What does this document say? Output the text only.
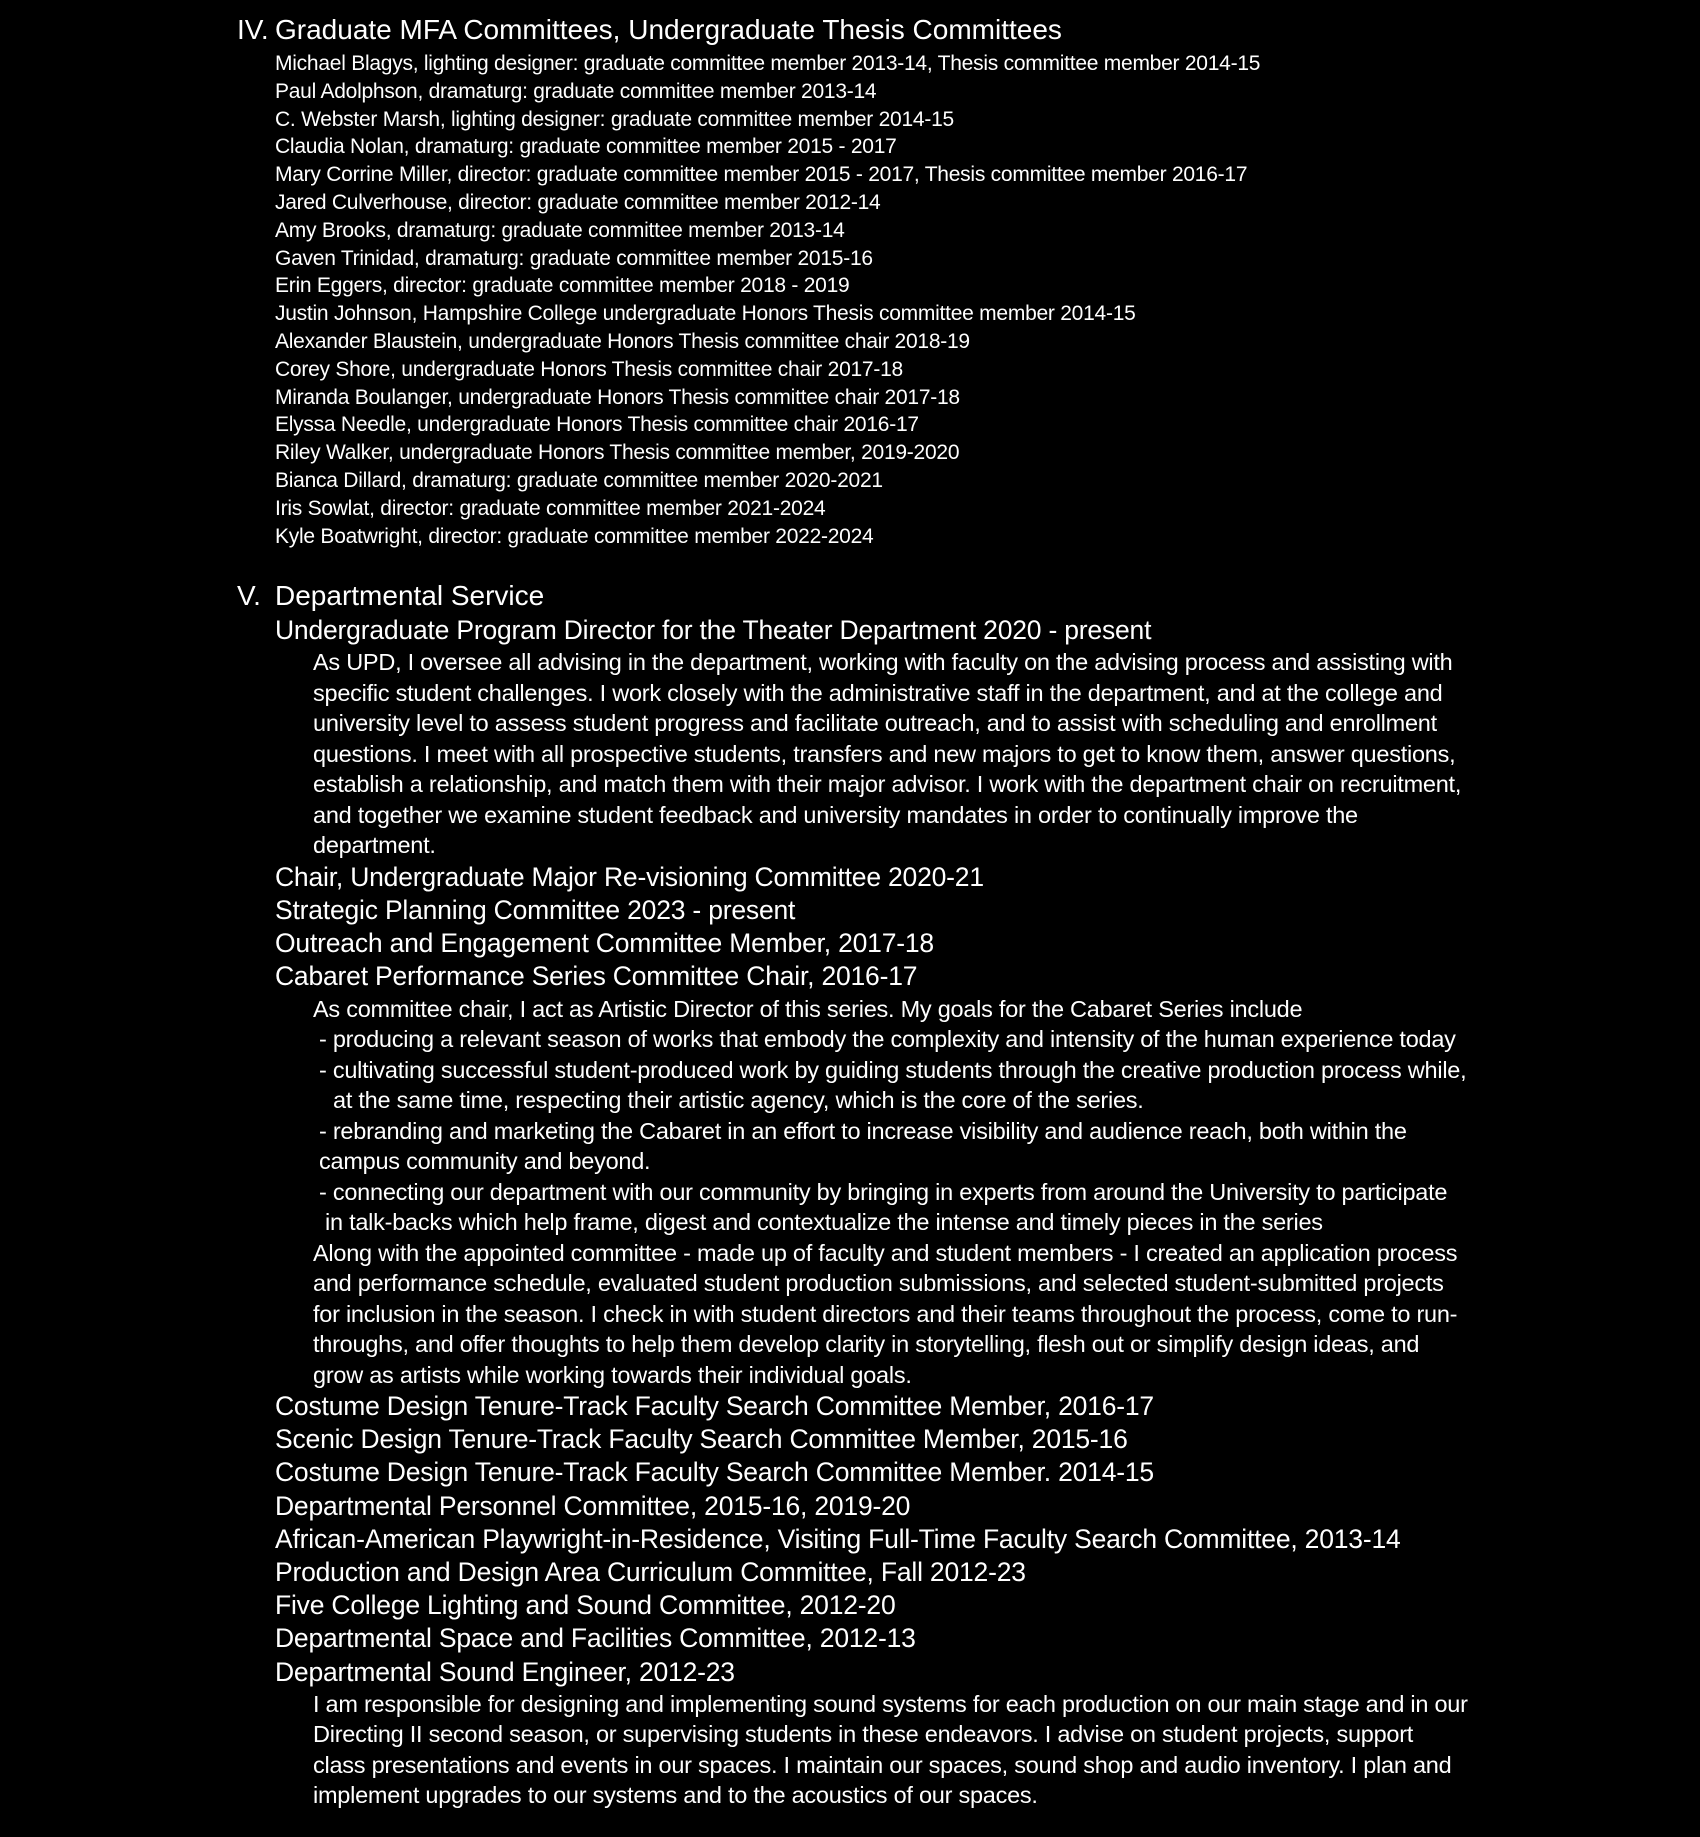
IV. Graduate MFA Committees, Undergraduate Thesis Committees
Michael Blagys, lighting designer: graduate committee member 2013-14, Thesis committee member 2014-15
Paul Adolphson, dramaturg: graduate committee member 2013-14
C. Webster Marsh, lighting designer: graduate committee member 2014-15
Claudia Nolan, dramaturg: graduate committee member 2015 - 2017
Mary Corrine Miller, director: graduate committee member 2015 - 2017, Thesis committee member 2016-17
Jared Culverhouse, director: graduate committee member 2012-14
Amy Brooks, dramaturg: graduate committee member 2013-14
Gaven Trinidad, dramaturg: graduate committee member 2015-16
Erin Eggers, director: graduate committee member 2018 - 2019
Justin Johnson, Hampshire College undergraduate Honors Thesis committee member 2014-15
Alexander Blaustein, undergraduate Honors Thesis committee chair 2018-19
Corey Shore, undergraduate Honors Thesis committee chair 2017-18
Miranda Boulanger, undergraduate Honors Thesis committee chair 2017-18
Elyssa Needle, undergraduate Honors Thesis committee chair 2016-17
Riley Walker, undergraduate Honors Thesis committee member, 2019-2020
Bianca Dillard, dramaturg: graduate committee member 2020-2021
Iris Sowlat, director: graduate committee member 2021-2024
Kyle Boatwright, director: graduate committee member 2022-2024
V. Departmental Service
Undergraduate Program Director for the Theater Department 2020 - present

As UPD, I oversee all advising in the department, working with faculty on the advising process and assisting with

specific student challenges. I work closely with the administrative staff in the department, and at the college and

university level to assess student progress and facilitate outreach, and to assist with scheduling and enrollment

questions. I meet with all prospective students, transfers and new majors to get to know them, answer questions,

establish a relationship, and match them with their major advisor. I work with the department chair on recruitment,

and together we examine student feedback and university mandates in order to continually improve the

department.

Chair, Undergraduate Major Re-visioning Committee 2020-21
Strategic Planning Committee 2023 - present
Outreach and Engagement Committee Member, 2017-18
Cabaret Performance Series Committee Chair, 2016-17

As committee chair, I act as Artistic Director of this series. My goals for the Cabaret Series include

- producing a relevant season of works that embody the complexity and intensity of the human experience today

- cultivating successful student-produced work by guiding students through the creative production process while,

at the same time, respecting their artistic agency, which is the core of the series.

- rebranding and marketing the Cabaret in an effort to increase visibility and audience reach, both within the

campus community and beyond.

- connecting our department with our community by bringing in experts from around the University to participate

in talk-backs which help frame, digest and contextualize the intense and timely pieces in the series

Along with the appointed committee - made up of faculty and student members - I created an application process

and performance schedule, evaluated student production submissions, and selected student-submitted projects

for inclusion in the season. I check in with student directors and their teams throughout the process, come to run-

throughs, and offer thoughts to help them develop clarity in storytelling, flesh out or simplify design ideas, and

grow as artists while working towards their individual goals.

Costume Design Tenure-Track Faculty Search Committee Member, 2016-17
Scenic Design Tenure-Track Faculty Search Committee Member, 2015-16
Costume Design Tenure-Track Faculty Search Committee Member. 2014-15
Departmental Personnel Committee, 2015-16, 2019-20
African-American Playwright-in-Residence, Visiting Full-Time Faculty Search Committee, 2013-14
Production and Design Area Curriculum Committee, Fall 2012-23
Five College Lighting and Sound Committee, 2012-20
Departmental Space and Facilities Committee, 2012-13
Departmental Sound Engineer, 2012-23

I am responsible for designing and implementing sound systems for each production on our main stage and in our

Directing II second season, or supervising students in these endeavors. I advise on student projects, support

class presentations and events in our spaces. I maintain our spaces, sound shop and audio inventory. I plan and

implement upgrades to our systems and to the acoustics of our spaces.
